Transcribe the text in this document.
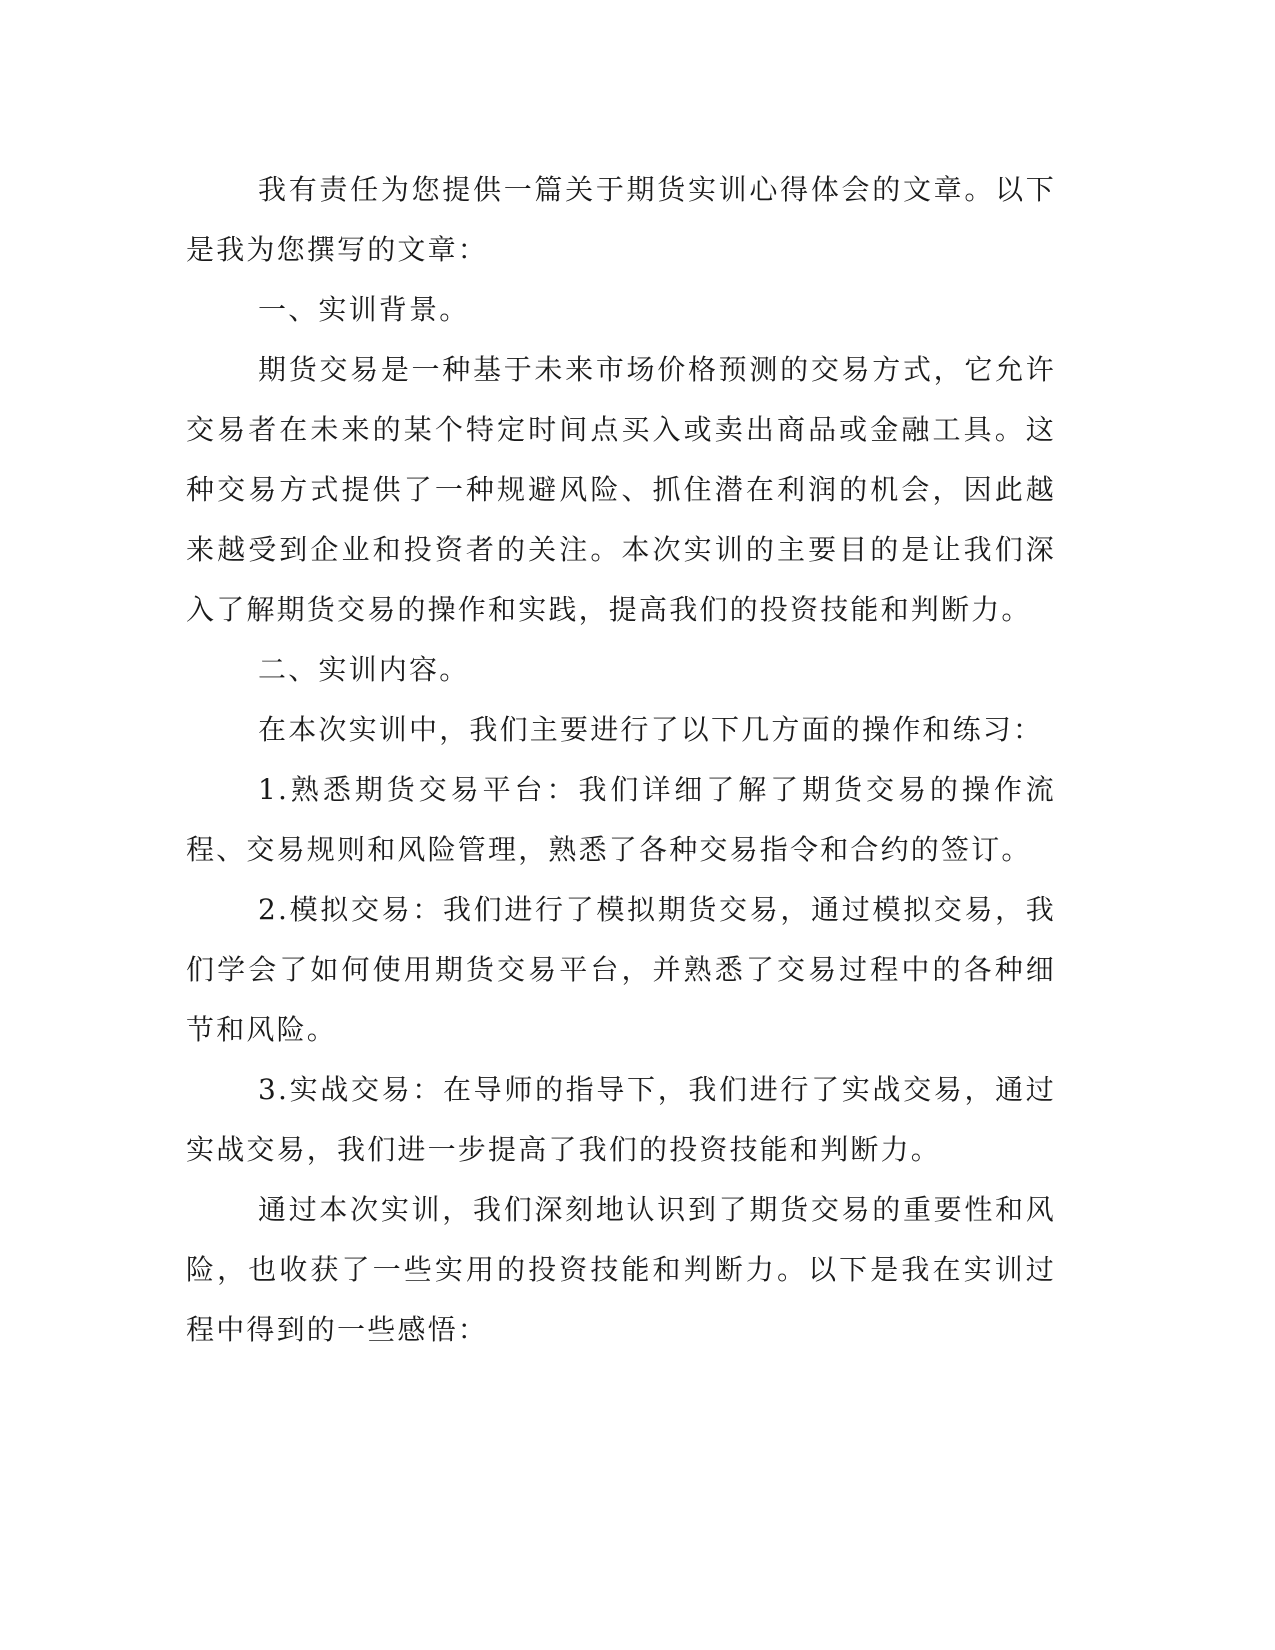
我有责任为您提供一篇关于期货实训心得体会的文章。以下是我为您撰写的文章：

一、实训背景。

期货交易是一种基于未来市场价格预测的交易方式，它允许交易者在未来的某个特定时间点买入或卖出商品或金融工具。这种交易方式提供了一种规避风险、抓住潜在利润的机会，因此越来越受到企业和投资者的关注。本次实训的主要目的是让我们深入了解期货交易的操作和实践，提高我们的投资技能和判断力。

二、实训内容。

在本次实训中，我们主要进行了以下几方面的操作和练习：

1.熟悉期货交易平台：我们详细了解了期货交易的操作流程、交易规则和风险管理，熟悉了各种交易指令和合约的签订。

2.模拟交易：我们进行了模拟期货交易，通过模拟交易，我们学会了如何使用期货交易平台，并熟悉了交易过程中的各种细节和风险。

3.实战交易：在导师的指导下，我们进行了实战交易，通过实战交易，我们进一步提高了我们的投资技能和判断力。

通过本次实训，我们深刻地认识到了期货交易的重要性和风险，也收获了一些实用的投资技能和判断力。以下是我在实训过程中得到的一些感悟：
